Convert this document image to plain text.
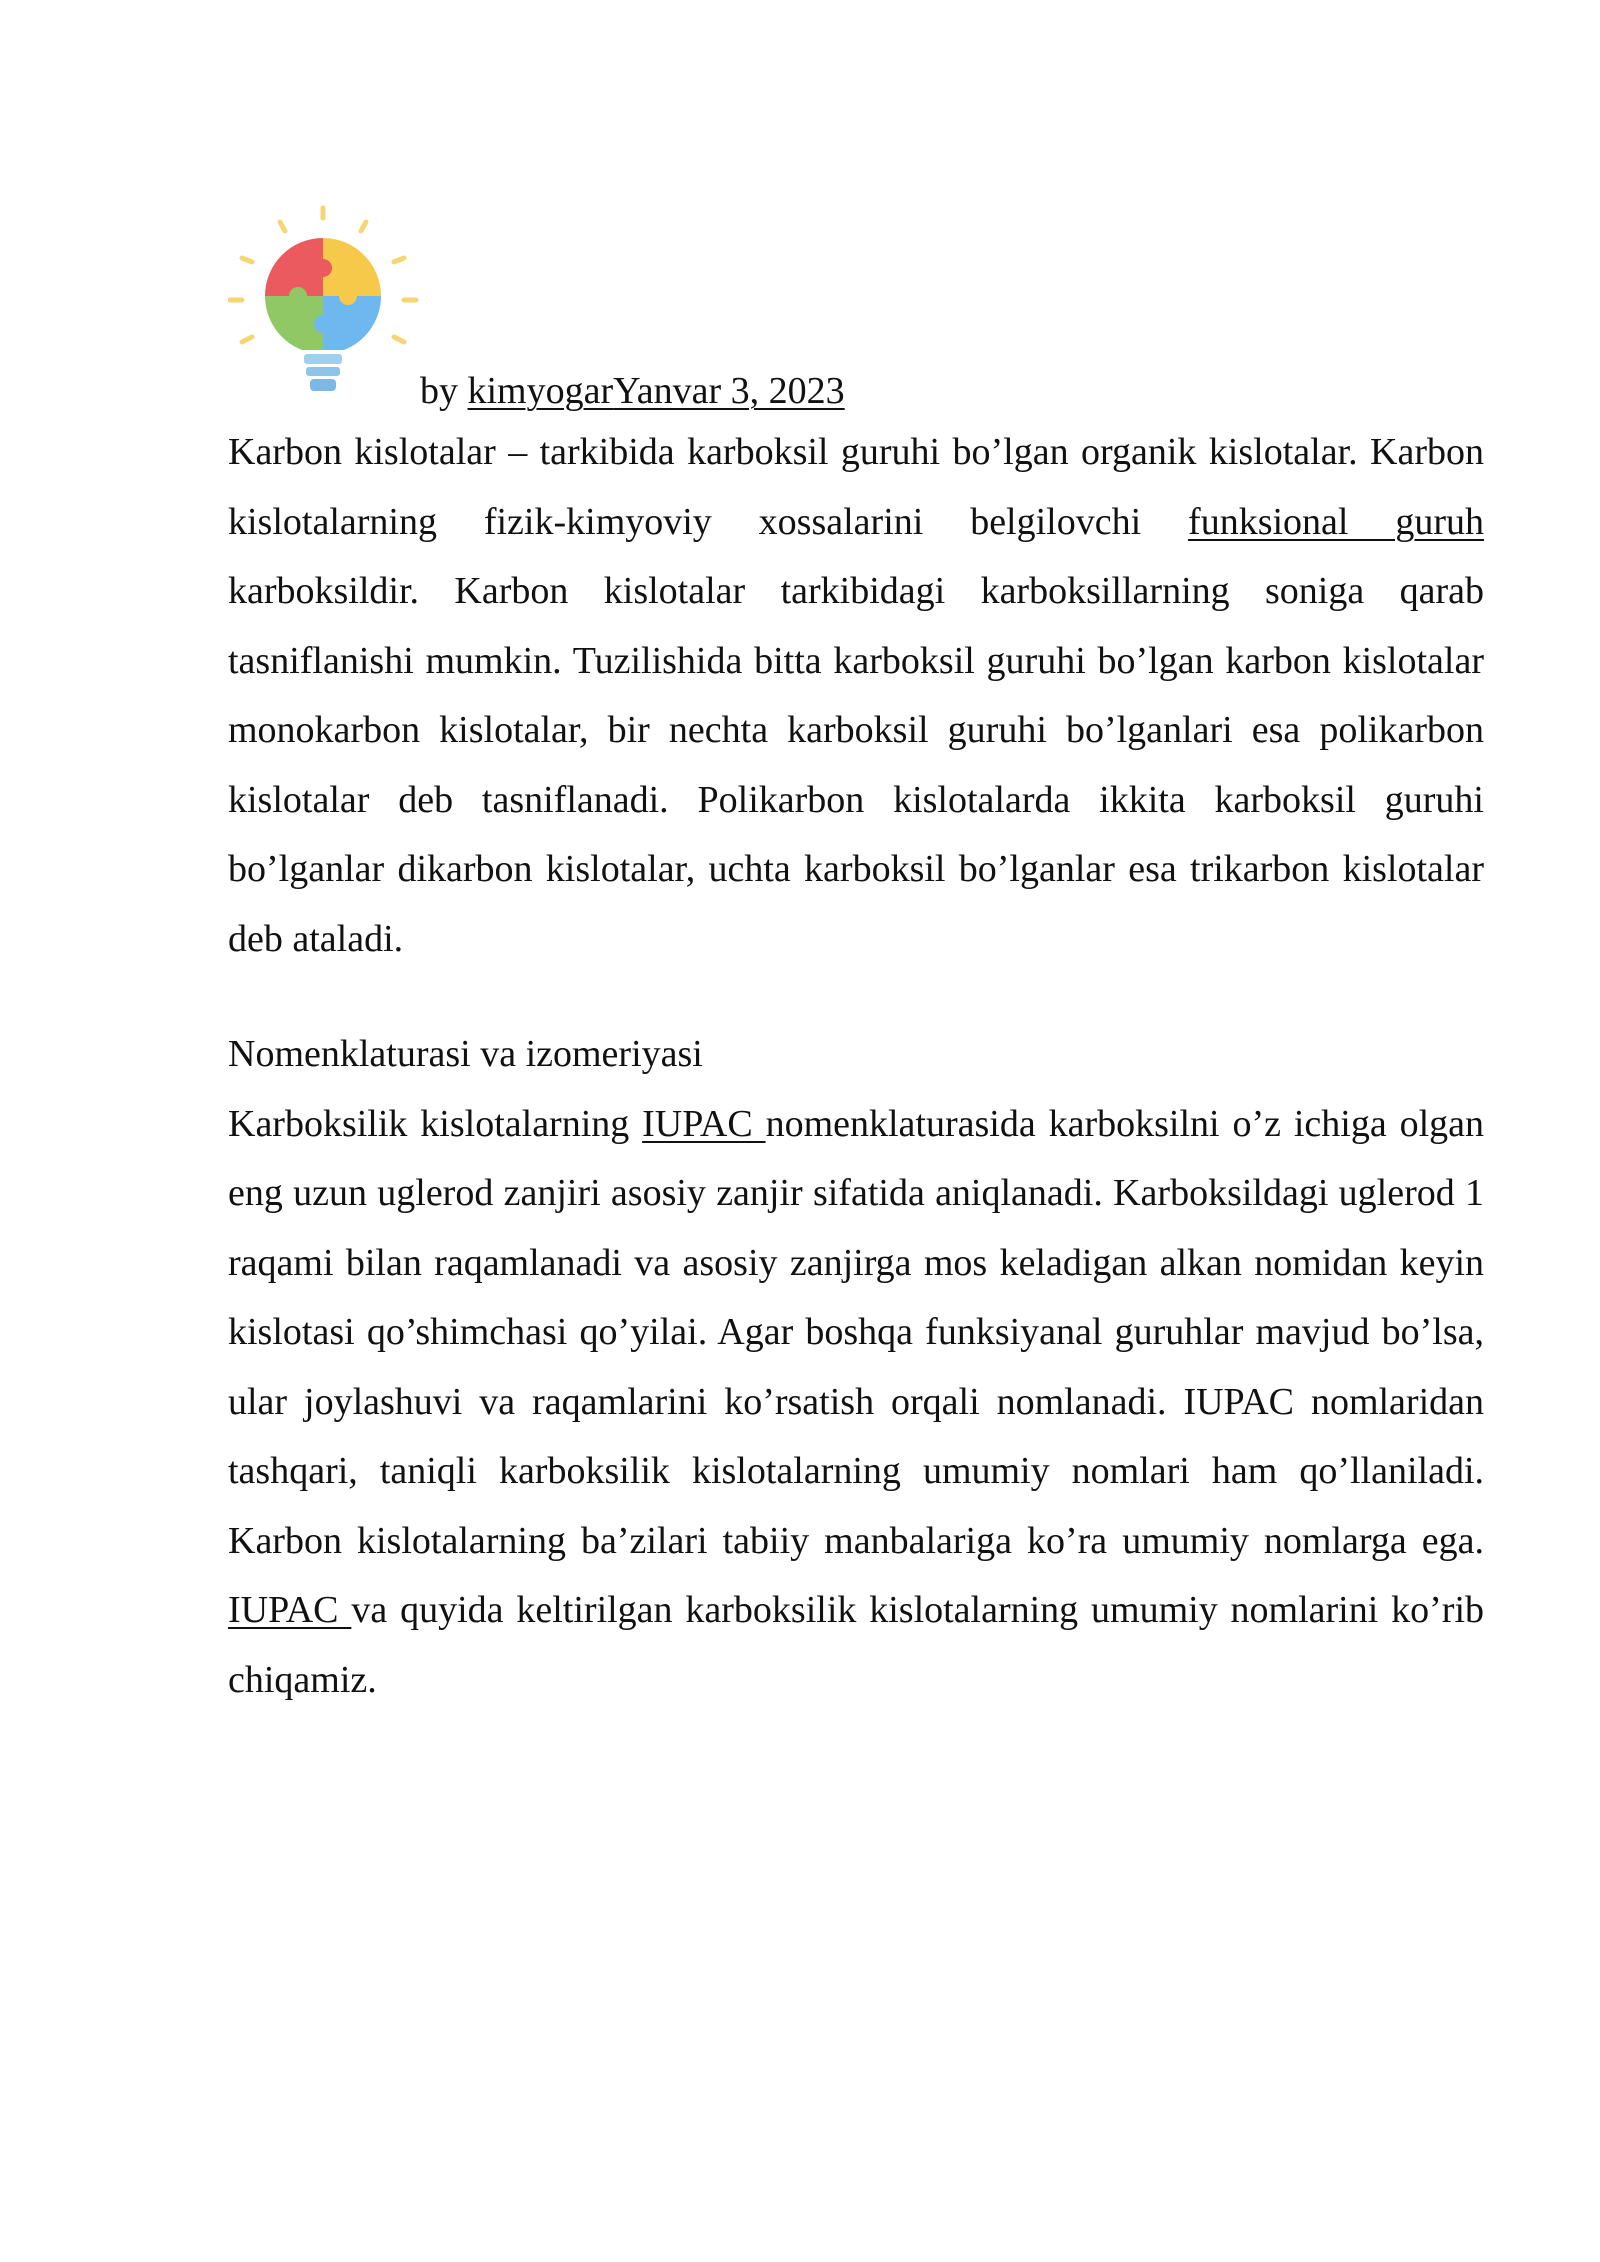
by kimyogarYanvar 3, 2023

Karbon kislotalar – tarkibida karboksil guruhi bo’lgan organik kislotalar. Karbon kislotalarning fizik-kimyoviy xossalarini belgilovchi funksional guruh karboksildir. Karbon kislotalar tarkibidagi karboksillarning soniga qarab tasniflanishi mumkin. Tuzilishida bitta karboksil guruhi bo’lgan karbon kislotalar monokarbon kislotalar, bir nechta karboksil guruhi bo’lganlari esa polikarbon kislotalar deb tasniflanadi. Polikarbon kislotalarda ikkita karboksil guruhi bo’lganlar dikarbon kislotalar, uchta karboksil bo’lganlar esa trikarbon kislotalar deb ataladi.

Nomenklaturasi va izomeriyasi

Karboksilik kislotalarning IUPAC nomenklaturasida karboksilni o’z ichiga olgan eng uzun uglerod zanjiri asosiy zanjir sifatida aniqlanadi. Karboksildagi uglerod 1 raqami bilan raqamlanadi va asosiy zanjirga mos keladigan alkan nomidan keyin kislotasi qo’shimchasi qo’yilai. Agar boshqa funksiyanal guruhlar mavjud bo’lsa, ular joylashuvi va raqamlarini ko’rsatish orqali nomlanadi. IUPAC nomlaridan tashqari, taniqli karboksilik kislotalarning umumiy nomlari ham qo’llaniladi. Karbon kislotalarning ba’zilari tabiiy manbalariga ko’ra umumiy nomlarga ega. IUPAC va quyida keltirilgan karboksilik kislotalarning umumiy nomlarini ko’rib chiqamiz.
